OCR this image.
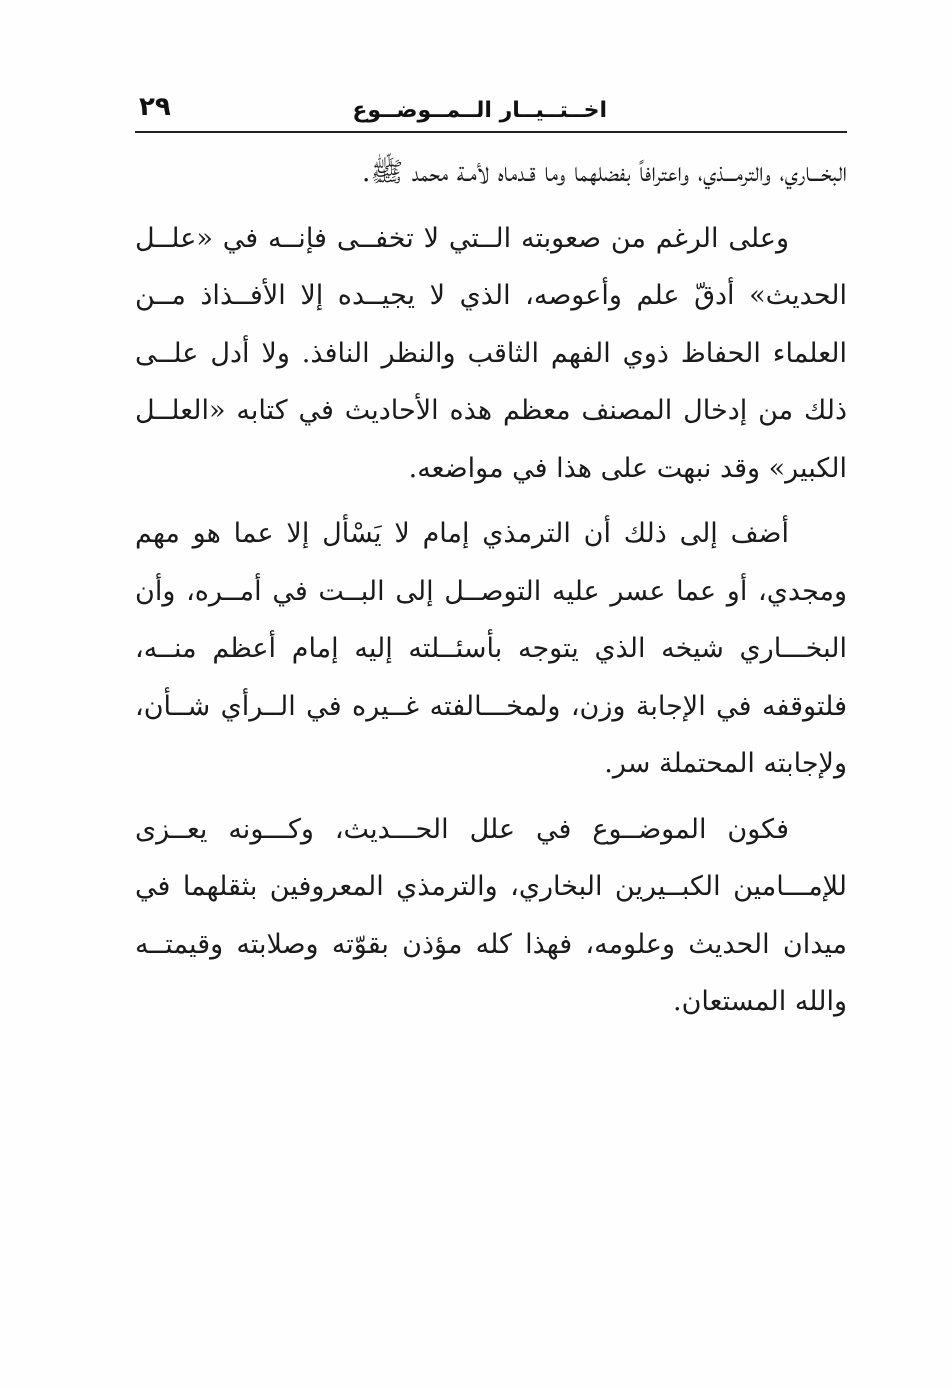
اخــتــيــار الــمــوضــوع
٢٩

البخـــاري، والترمـــذي، واعترافاً بفضلهما وما قـدماه لأمـة محمد ﷺ.

وعلى الرغم من صعوبته الــتي لا تخفــى فإنــه في «علــل الحديث» أدقّ علم وأعوصه، الذي لا يجيــده إلا الأفــذاذ مــن العلماء الحفاظ ذوي الفهم الثاقب والنظر النافذ. ولا أدل علــى ذلك من إدخال المصنف معظم هذه الأحاديث في كتابه «العلــل الكبير» وقد نبهت على هذا في مواضعه.

أضف إلى ذلك أن الترمذي إمام لا يَسْأل إلا عما هو مهم ومجدي، أو عما عسر عليه التوصــل إلى البــت في أمــره، وأن البخـــاري شيخه الذي يتوجه بأسئــلته إليه إمام أعظم منــه، فلتوقفه في الإجابة وزن، ولمخـــالفته غــيره في الــرأي شــأن، ولإجابته المحتملة سر.

فكون الموضــوع في علل الحـــديث، وكـــونه يعــزى للإمـــامين الكبــيرين البخاري، والترمذي المعروفين بثقلهما في ميدان الحديث وعلومه، فهذا كله مؤذن بقوّته وصلابته وقيمتــه والله المستعان.
